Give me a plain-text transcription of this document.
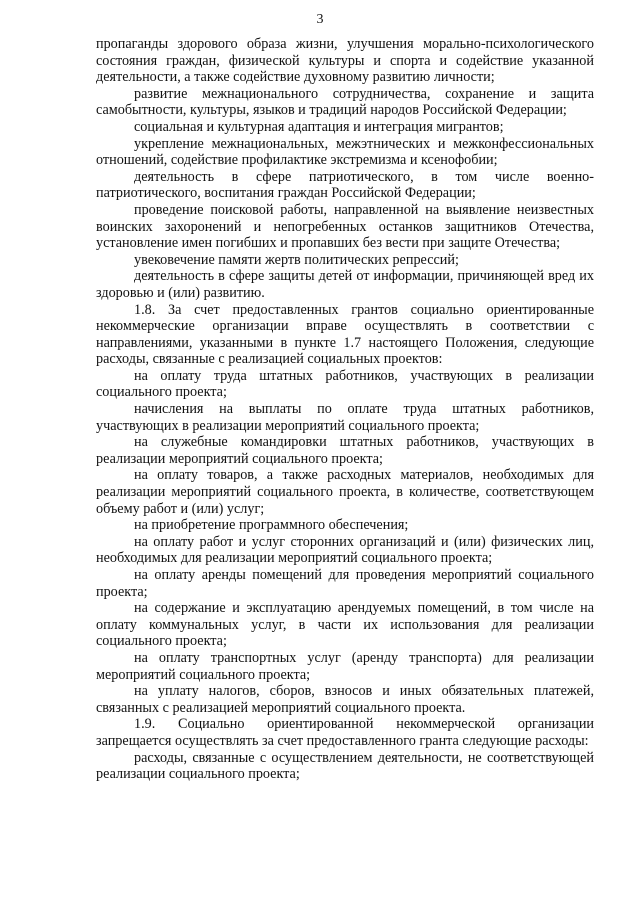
3

пропаганды здорового образа жизни, улучшения морально-психологического состояния граждан, физической культуры и спорта и содействие указанной деятельности, а также содействие духовному развитию личности;

развитие межнационального сотрудничества, сохранение и защита самобытности, культуры, языков и традиций народов Российской Федерации;

социальная и культурная адаптация и интеграция мигрантов;

укрепление межнациональных, межэтнических и межконфессиональных отношений, содействие профилактике экстремизма и ксенофобии;

деятельность в сфере патриотического, в том числе военно-патриотического, воспитания граждан Российской Федерации;

проведение поисковой работы, направленной на выявление неизвестных воинских захоронений и непогребенных останков защитников Отечества, установление имен погибших и пропавших без вести при защите Отечества;

увековечение памяти жертв политических репрессий;

деятельность в сфере защиты детей от информации, причиняющей вред их здоровью и (или) развитию.

1.8. За счет предоставленных грантов социально ориентированные некоммерческие организации вправе осуществлять в соответствии с направлениями, указанными в пункте 1.7 настоящего Положения, следующие расходы, связанные с реализацией социальных проектов:

на оплату труда штатных работников, участвующих в реализации социального проекта;

начисления на выплаты по оплате труда штатных работников, участвующих в реализации мероприятий социального проекта;

на служебные командировки штатных работников, участвующих в реализации мероприятий социального проекта;

на оплату товаров, а также расходных материалов, необходимых для реализации мероприятий социального проекта, в количестве, соответствующем объему работ и (или) услуг;

на приобретение программного обеспечения;

на оплату работ и услуг сторонних организаций и (или) физических лиц, необходимых для реализации мероприятий социального проекта;

на оплату аренды помещений для проведения мероприятий социального проекта;

на содержание и эксплуатацию арендуемых помещений, в том числе на оплату коммунальных услуг, в части их использования для реализации социального проекта;

на оплату транспортных услуг (аренду транспорта) для реализации мероприятий социального проекта;

на уплату налогов, сборов, взносов и иных обязательных платежей, связанных с реализацией мероприятий социального проекта.

1.9. Социально ориентированной некоммерческой организации запрещается осуществлять за счет предоставленного гранта следующие расходы:

расходы, связанные с осуществлением деятельности, не соответствующей реализации социального проекта;
